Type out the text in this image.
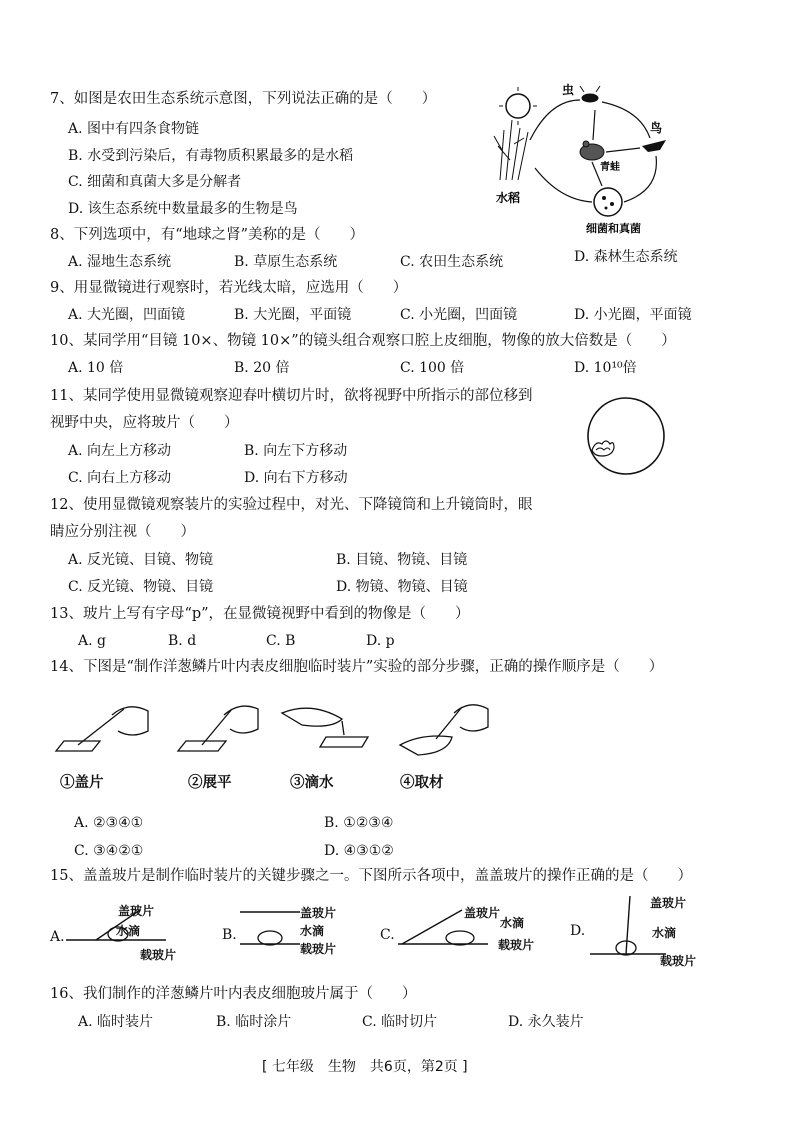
7、如图是农田生态系统示意图，下列说法正确的是（　　）
A. 图中有四条食物链
B. 水受到污染后，有毒物质积累最多的是水稻
C. 细菌和真菌大多是分解者
D. 该生态系统中数量最多的生物是鸟
虫
鸟
青蛙
水稻
细菌和真菌
8、下列选项中，有“地球之肾”美称的是（　　）
A. 湿地生态系统	B. 草原生态系统	C. 农田生态系统	D. 森林生态系统
9、用显微镜进行观察时，若光线太暗，应选用（　　）
A. 大光圈，凹面镜	B. 大光圈，平面镜	C. 小光圈，凹面镜	D. 小光圈，平面镜
10、某同学用“目镜 10×、物镜 10×”的镜头组合观察口腔上皮细胞，物像的放大倍数是（　　）
A. 10 倍	B. 20 倍	C. 100 倍	D. 10¹⁰倍
11、某同学使用显微镜观察迎春叶横切片时，欲将视野中所指示的部位移到
视野中央，应将玻片（　　）
A. 向左上方移动	B. 向左下方移动
C. 向右上方移动	D. 向右下方移动
12、使用显微镜观察装片的实验过程中，对光、下降镜筒和上升镜筒时，眼
睛应分别注视（　　）
A. 反光镜、目镜、物镜	B. 目镜、物镜、目镜
C. 反光镜、物镜、目镜	D. 物镜、物镜、目镜
13、玻片上写有字母“p”，在显微镜视野中看到的物像是（　　）
A. g	B. d	C. B	D. p
14、下图是“制作洋葱鳞片叶内表皮细胞临时装片”实验的部分步骤，正确的操作顺序是（　　）
①盖片	②展平	③滴水	④取材
A. ②③④①	B. ①②③④
C. ③④②①	D. ④③①②
15、盖盖玻片是制作临时装片的关键步骤之一。下图所示各项中，盖盖玻片的操作正确的是（　　）
A.
盖玻片
水滴
载玻片
B.
盖玻片
水滴
载玻片
C.
盖玻片
水滴
载玻片
D.
盖玻片
水滴
载玻片
16、我们制作的洋葱鳞片叶内表皮细胞玻片属于（　　）
A. 临时装片	B. 临时涂片	C. 临时切片	D. 永久装片
[ 七年级　生物　共6页，第2页 ]
